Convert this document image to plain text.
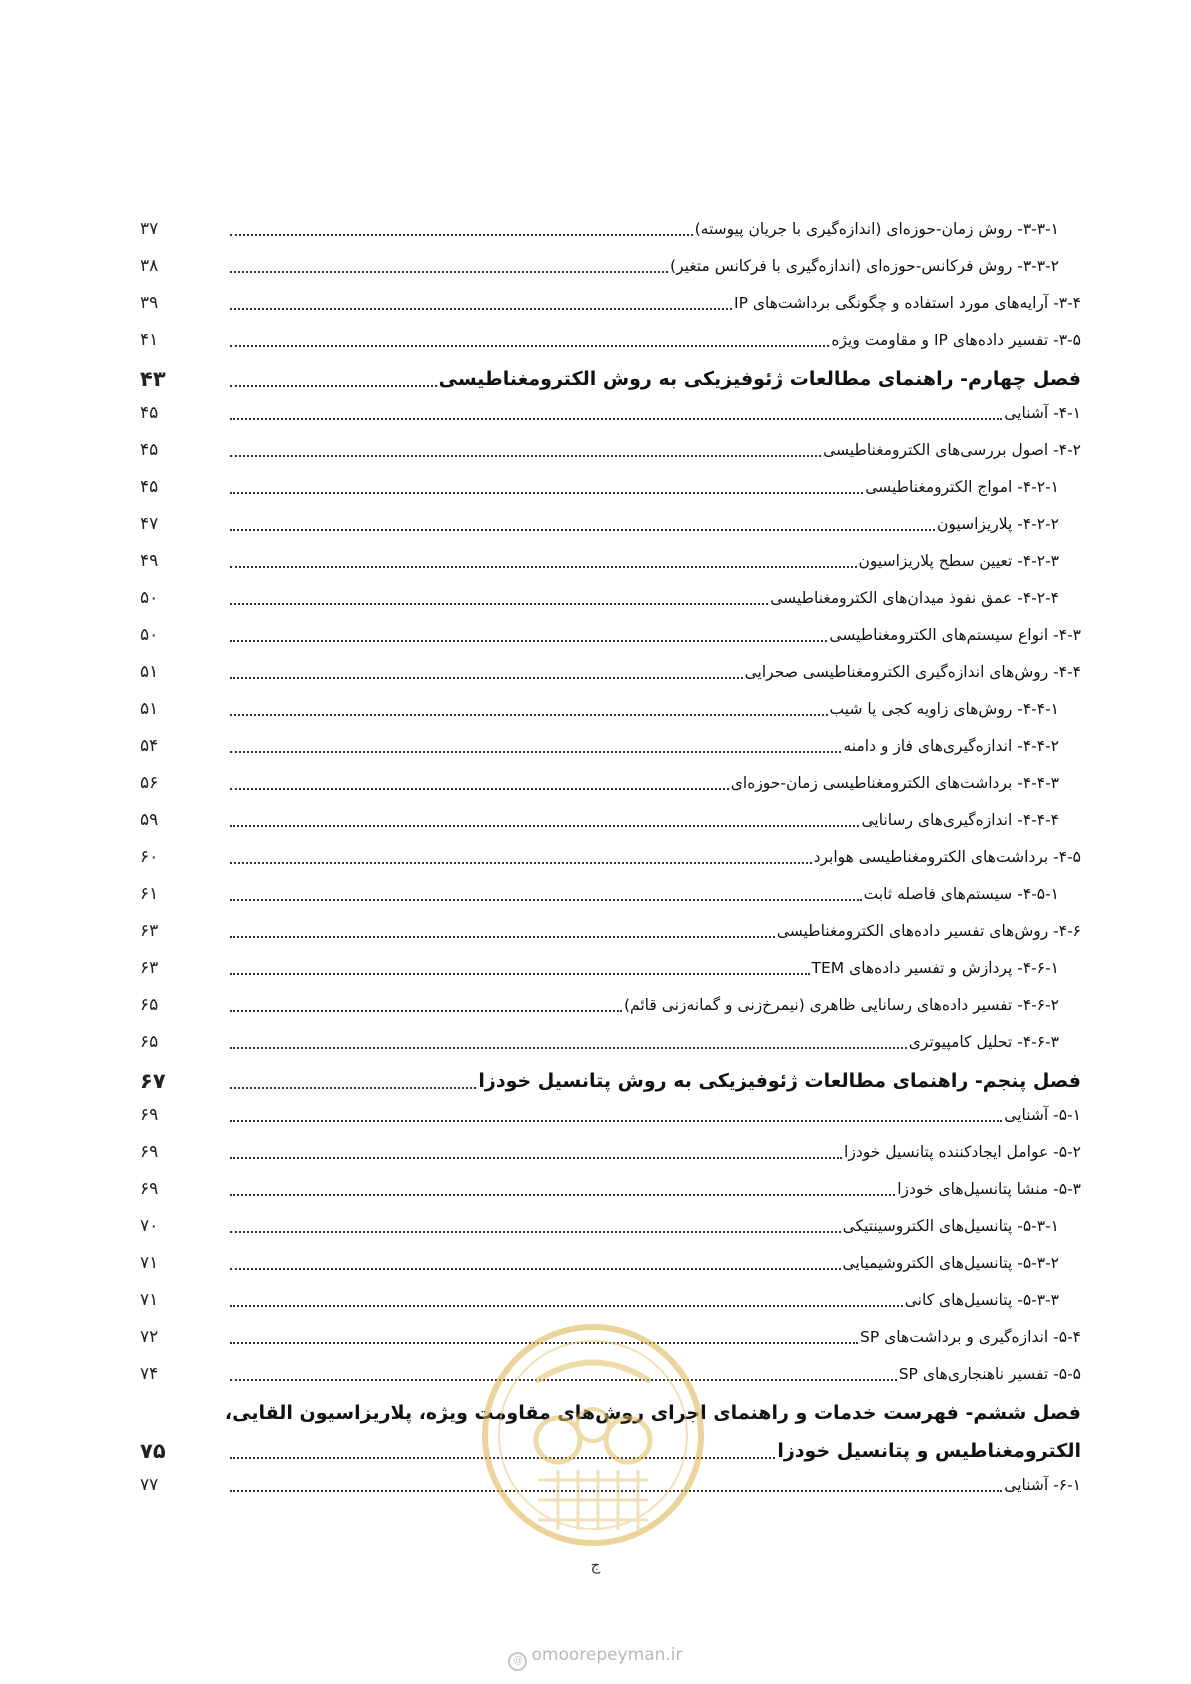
۳۷	۳-۳-۱- روش زمان-حوزه‌ای (اندازه‌گیری با جریان پیوسته)
۳۸	۳-۳-۲- روش فرکانس-حوزه‌ای (اندازه‌گیری با فرکانس متغیر)
۳۹	۳-۴- آرایه‌های مورد استفاده و چگونگی برداشت‌های IP
۴۱	۳-۵- تفسیر داده‌های IP و مقاومت ویژه
۴۳	فصل چهارم- راهنمای مطالعات ژئوفیزیکی به روش الکترومغناطیسی
۴۵	۴-۱- آشنایی
۴۵	۴-۲- اصول بررسی‌های الکترومغناطیسی
۴۵	۴-۲-۱- امواج الکترومغناطیسی
۴۷	۴-۲-۲- پلاریزاسیون
۴۹	۴-۲-۳- تعیین سطح پلاریزاسیون
۵۰	۴-۲-۴- عمق نفوذ میدان‌های الکترومغناطیسی
۵۰	۴-۳- انواع سیستم‌های الکترومغناطیسی
۵۱	۴-۴- روش‌های اندازه‌گیری الکترومغناطیسی صحرایی
۵۱	۴-۴-۱- روش‌های زاویه کجی یا شیب
۵۴	۴-۴-۲- اندازه‌گیری‌های فاز و دامنه
۵۶	۴-۴-۳- برداشت‌های الکترومغناطیسی زمان-حوزه‌ای
۵۹	۴-۴-۴- اندازه‌گیری‌های رسانایی
۶۰	۴-۵- برداشت‌های الکترومغناطیسی هوابرد
۶۱	۴-۵-۱- سیستم‌های فاصله ثابت
۶۳	۴-۶- روش‌های تفسیر داده‌های الکترومغناطیسی
۶۳	۴-۶-۱- پردازش و تفسیر داده‌های TEM
۶۵	۴-۶-۲- تفسیر داده‌های رسانایی ظاهری (نیمرخ‌زنی و گمانه‌زنی قائم)
۶۵	۴-۶-۳- تحلیل کامپیوتری
۶۷	فصل پنجم- راهنمای مطالعات ژئوفیزیکی به روش پتانسیل خودزا
۶۹	۵-۱- آشنایی
۶۹	۵-۲- عوامل ایجادکننده پتانسیل خودزا
۶۹	۵-۳- منشا پتانسیل‌های خودزا
۷۰	۵-۳-۱- پتانسیل‌های الکتروسینتیکی
۷۱	۵-۳-۲- پتانسیل‌های الکتروشیمیایی
۷۱	۵-۳-۳- پتانسیل‌های کانی
۷۲	۵-۴- اندازه‌گیری و برداشت‌های SP
۷۴	۵-۵- تفسیر ناهنجاری‌های SP
فصل ششم- فهرست خدمات و راهنمای اجرای روش‌های مقاومت ویژه، پلاریزاسیون القایی،
۷۵	الکترومغناطیس و پتانسیل خودزا
۷۷	۶-۱- آشنایی
ج
@ omoorepeyman.ir
